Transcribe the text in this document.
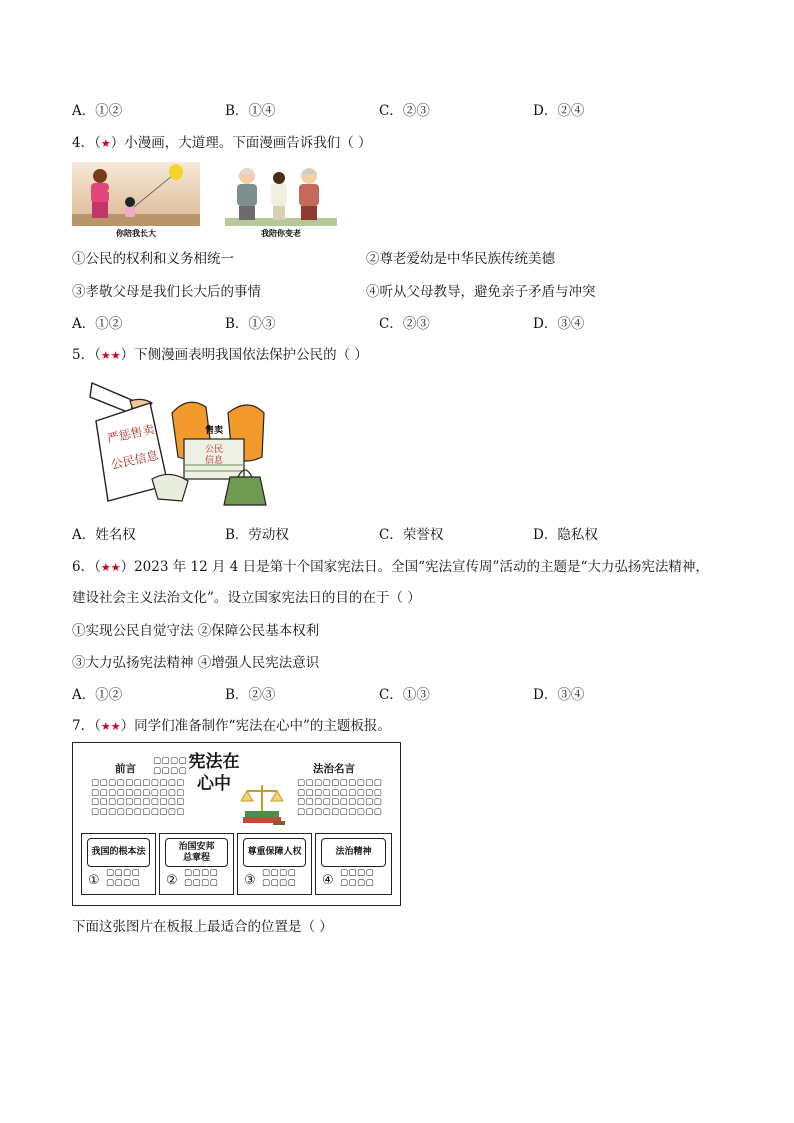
A．①②	B．①④	C．②③	D．②④
4．（★）小漫画，大道理。下面漫画告诉我们（ ）
你陪我长大	我陪你变老
①公民的权利和义务相统一	②尊老爱幼是中华民族传统美德
③孝敬父母是我们长大后的事情	④听从父母教导，避免亲子矛盾与冲突
A．①②	B．①③	C．②③	D．③④
5．（★★）下侧漫画表明我国依法保护公民的（ ）
严惩售卖
公民信息
售卖
公民
信息
A．姓名权	B．劳动权	C．荣誉权	D．隐私权
6．（★★）2023 年 12 月 4 日是第十个国家宪法日。全国“宪法宣传周”活动的主题是“大力弘扬宪法精神，
建设社会主义法治文化”。设立国家宪法日的目的在于（ ）
①实现公民自觉守法 ②保障公民基本权利
③大力弘扬宪法精神 ④增强人民宪法意识
A．①②	B．②③	C．①③	D．③④
7．（★★）同学们准备制作“宪法在心中”的主题板报。
前言
▢▢▢▢
▢▢▢▢
▢▢▢▢▢▢▢▢▢▢▢
▢▢▢▢▢▢▢▢▢▢▢
▢▢▢▢▢▢▢▢▢▢▢
▢▢▢▢▢▢▢▢▢▢▢
宪法在
心中
法治名言
▢▢▢▢▢▢▢▢▢▢
▢▢▢▢▢▢▢▢▢▢
▢▢▢▢▢▢▢▢▢▢
▢▢▢▢▢▢▢▢▢▢
我国的根本法
① ▢▢▢▢
▢▢▢▢
治国安邦
总章程
② ▢▢▢▢
▢▢▢▢
尊重保障人权
③ ▢▢▢▢
▢▢▢▢
法治精神
④ ▢▢▢▢
▢▢▢▢
下面这张图片在板报上最适合的位置是（ ）
